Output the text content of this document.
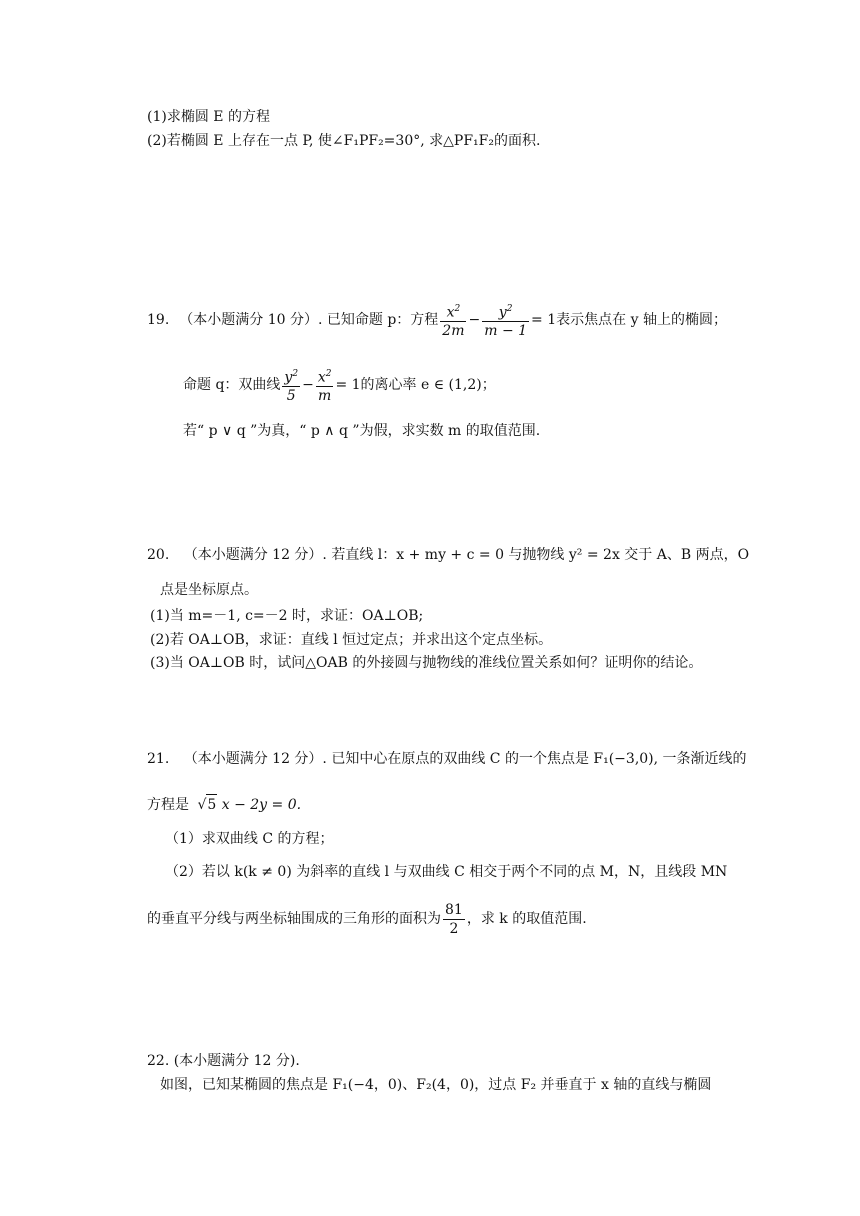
(1)求椭圆 E 的方程
(2)若椭圆 E 上存在一点 P, 使∠F₁PF₂=30°, 求△PF₁F₂的面积.
19. （本小题满分 10 分）. 已知命题 p：方程 $\frac{x^2}{2m} - \frac{y^2}{m - 1} = 1$ 表示焦点在 y 轴上的椭圆；
命题 q：双曲线 $\frac{y^2}{5} - \frac{x^2}{m} = 1$ 的离心率 e ∈ (1,2)；
若“ p ∨ q ”为真，“ p ∧ q ”为假，求实数 m 的取值范围.
20. （本小题满分 12 分）. 若直线 l：x + my + c = 0 与抛物线 y² = 2x 交于 A、B 两点，O
点是坐标原点。
(1)当 m=－1, c=－2 时，求证：OA⊥OB;
(2)若 OA⊥OB，求证：直线 l 恒过定点；并求出这个定点坐标。
(3)当 OA⊥OB 时，试问△OAB 的外接圆与抛物线的准线位置关系如何？证明你的结论。
21. （本小题满分 12 分）. 已知中心在原点的双曲线 C 的一个焦点是 F₁(−3,0), 一条渐近线的
方程是 √5 x − 2y = 0.
（1）求双曲线 C 的方程；
（2）若以 k(k ≠ 0) 为斜率的直线 l 与双曲线 C 相交于两个不同的点 M，N，且线段 MN
的垂直平分线与两坐标轴围成的三角形的面积为 $\frac{81}{2}$ ，求 k 的取值范围.
22. (本小题满分 12 分).
如图，已知某椭圆的焦点是 F₁(−4，0)、F₂(4，0)，过点 F₂ 并垂直于 x 轴的直线与椭圆
